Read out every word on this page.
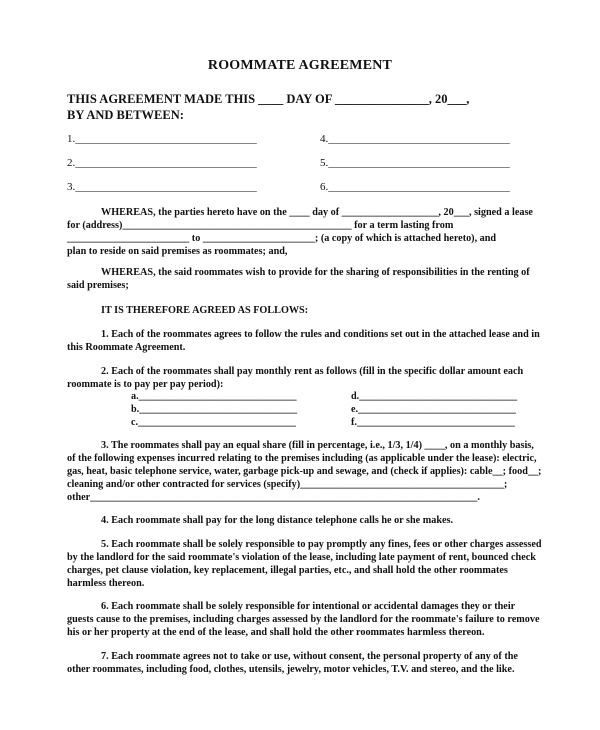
ROOMMATE AGREEMENT
THIS AGREEMENT MADE THIS ____ DAY OF _______________, 20___,
BY AND BETWEEN:
1._________________________________
2._________________________________
3._________________________________
4._________________________________
5._________________________________
6._________________________________
WHEREAS, the parties hereto have on the ____ day of ___________________, 20___, signed a lease
for (address)_____________________________________________ for a term lasting from
________________________ to ______________________; (a copy of which is attached hereto), and
plan to reside on said premises as roommates; and,
WHEREAS, the said roommates wish to provide for the sharing of responsibilities in the renting of
said premises;
IT IS THEREFORE AGREED AS FOLLOWS:
1. Each of the roommates agrees to follow the rules and conditions set out in the attached lease and in
this Roommate Agreement.
2. Each of the roommates shall pay monthly rent as follows (fill in the specific dollar amount each
roommate is to pay per pay period):
a._______________________________
b._______________________________
c._______________________________
d._______________________________
e._______________________________
f._______________________________
3. The roommates shall pay an equal share (fill in percentage, i.e., 1/3, 1/4) ____, on a monthly basis,
of the following expenses incurred relating to the premises including (as applicable under the lease): electric,
gas, heat, basic telephone service, water, garbage pick-up and sewage, and (check if applies): cable__; food__;
cleaning and/or other contracted for services (specify)________________________________________;
other____________________________________________________________________________.
4. Each roommate shall pay for the long distance telephone calls he or she makes.
5. Each roommate shall be solely responsible to pay promptly any fines, fees or other charges assessed
by the landlord for the said roommate's violation of the lease, including late payment of rent, bounced check
charges, pet clause violation, key replacement, illegal parties, etc., and shall hold the other roommates
harmless thereon.
6. Each roommate shall be solely responsible for intentional or accidental damages they or their
guests cause to the premises, including charges assessed by the landlord for the roommate's failure to remove
his or her property at the end of the lease, and shall hold the other roommates harmless thereon.
7. Each roommate agrees not to take or use, without consent, the personal property of any of the
other roommates, including food, clothes, utensils, jewelry, motor vehicles, T.V. and stereo, and the like.
